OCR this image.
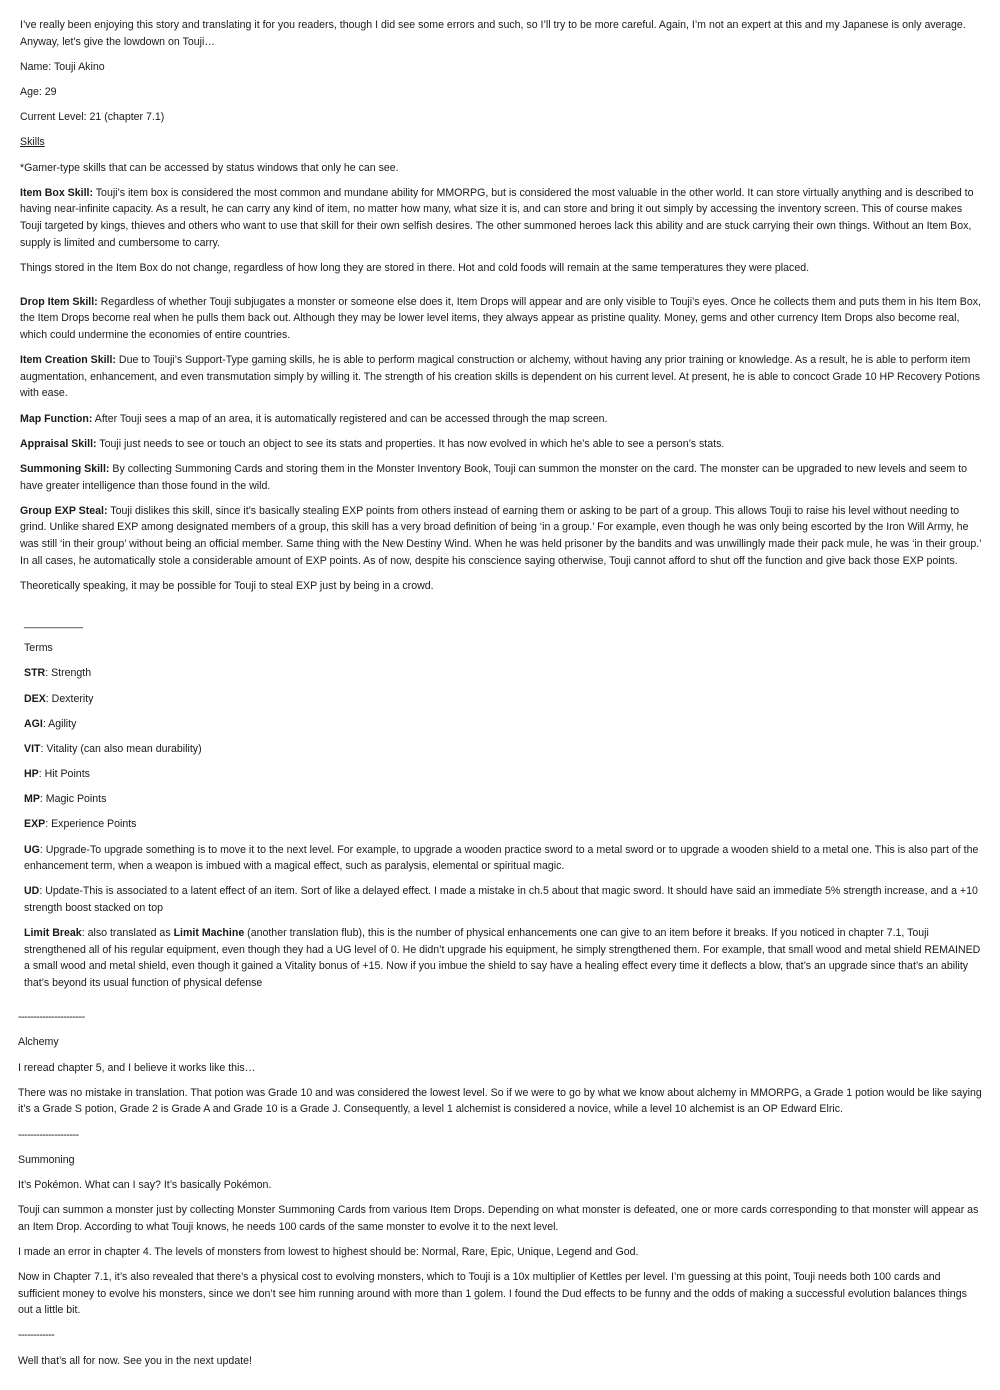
I’ve really been enjoying this story and translating it for you readers, though I did see some errors and such, so I’ll try to be more careful. Again, I’m not an expert at this and my Japanese is only average. Anyway, let’s give the lowdown on Touji…

Name: Touji Akino

Age: 29

Current Level: 21 (chapter 7.1)

Skills

*Gamer-type skills that can be accessed by status windows that only he can see.

Item Box Skill: Touji’s item box is considered the most common and mundane ability for MMORPG, but is considered the most valuable in the other world. It can store virtually anything and is described to having near-infinite capacity. As a result, he can carry any kind of item, no matter how many, what size it is, and can store and bring it out simply by accessing the inventory screen. This of course makes Touji targeted by kings, thieves and others who want to use that skill for their own selfish desires. The other summoned heroes lack this ability and are stuck carrying their own things. Without an Item Box, supply is limited and cumbersome to carry.

Things stored in the Item Box do not change, regardless of how long they are stored in there. Hot and cold foods will remain at the same temperatures they were placed.

Drop Item Skill: Regardless of whether Touji subjugates a monster or someone else does it, Item Drops will appear and are only visible to Touji’s eyes. Once he collects them and puts them in his Item Box, the Item Drops become real when he pulls them back out. Although they may be lower level items, they always appear as pristine quality. Money, gems and other currency Item Drops also become real, which could undermine the economies of entire countries.

Item Creation Skill: Due to Touji’s Support-Type gaming skills, he is able to perform magical construction or alchemy, without having any prior training or knowledge. As a result, he is able to perform item augmentation, enhancement, and even transmutation simply by willing it. The strength of his creation skills is dependent on his current level. At present, he is able to concoct Grade 10 HP Recovery Potions with ease.

Map Function: After Touji sees a map of an area, it is automatically registered and can be accessed through the map screen.

Appraisal Skill: Touji just needs to see or touch an object to see its stats and properties. It has now evolved in which he’s able to see a person’s stats.

Summoning Skill: By collecting Summoning Cards and storing them in the Monster Inventory Book, Touji can summon the monster on the card. The monster can be upgraded to new levels and seem to have greater intelligence than those found in the wild.

Group EXP Steal: Touji dislikes this skill, since it’s basically stealing EXP points from others instead of earning them or asking to be part of a group. This allows Touji to raise his level without needing to grind. Unlike shared EXP among designated members of a group, this skill has a very broad definition of being ‘in a group.’ For example, even though he was only being escorted by the Iron Will Army, he was still ‘in their group’ without being an official member. Same thing with the New Destiny Wind. When he was held prisoner by the bandits and was unwillingly made their pack mule, he was ‘in their group.’ In all cases, he automatically stole a considerable amount of EXP points. As of now, despite his conscience saying otherwise, Touji cannot afford to shut off the function and give back those EXP points.

Theoretically speaking, it may be possible for Touji to steal EXP just by being in a crowd.

__________

Terms

STR: Strength

DEX: Dexterity

AGI: Agility

VIT: Vitality (can also mean durability)

HP: Hit Points

MP: Magic Points

EXP: Experience Points

UG: Upgrade-To upgrade something is to move it to the next level. For example, to upgrade a wooden practice sword to a metal sword or to upgrade a wooden shield to a metal one. This is also part of the enhancement term, when a weapon is imbued with a magical effect, such as paralysis, elemental or spiritual magic.

UD: Update-This is associated to a latent effect of an item. Sort of like a delayed effect. I made a mistake in ch.5 about that magic sword. It should have said an immediate 5% strength increase, and a +10 strength boost stacked on top

Limit Break: also translated as Limit Machine (another translation flub), this is the number of physical enhancements one can give to an item before it breaks. If you noticed in chapter 7.1, Touji strengthened all of his regular equipment, even though they had a UG level of 0. He didn’t upgrade his equipment, he simply strengthened them. For example, that small wood and metal shield REMAINED a small wood and metal shield, even though it gained a Vitality bonus of +15. Now if you imbue the shield to say have a healing effect every time it deflects a blow, that’s an upgrade since that’s an ability that’s beyond its usual function of physical defense

----------------------

Alchemy

I reread chapter 5, and I believe it works like this…

There was no mistake in translation. That potion was Grade 10 and was considered the lowest level. So if we were to go by what we know about alchemy in MMORPG, a Grade 1 potion would be like saying it’s a Grade S potion, Grade 2 is Grade A and Grade 10 is a Grade J. Consequently, a level 1 alchemist is considered a novice, while a level 10 alchemist is an OP Edward Elric.

--------------------

Summoning

It’s Pokémon. What can I say? It’s basically Pokémon.

Touji can summon a monster just by collecting Monster Summoning Cards from various Item Drops. Depending on what monster is defeated, one or more cards corresponding to that monster will appear as an Item Drop. According to what Touji knows, he needs 100 cards of the same monster to evolve it to the next level.

I made an error in chapter 4. The levels of monsters from lowest to highest should be: Normal, Rare, Epic, Unique, Legend and God.

Now in Chapter 7.1, it’s also revealed that there’s a physical cost to evolving monsters, which to Touji is a 10x multiplier of Kettles per level. I’m guessing at this point, Touji needs both 100 cards and sufficient money to evolve his monsters, since we don’t see him running around with more than 1 golem. I found the Dud effects to be funny and the odds of making a successful evolution balances things out a little bit.

------------

Well that’s all for now. See you in the next update!
